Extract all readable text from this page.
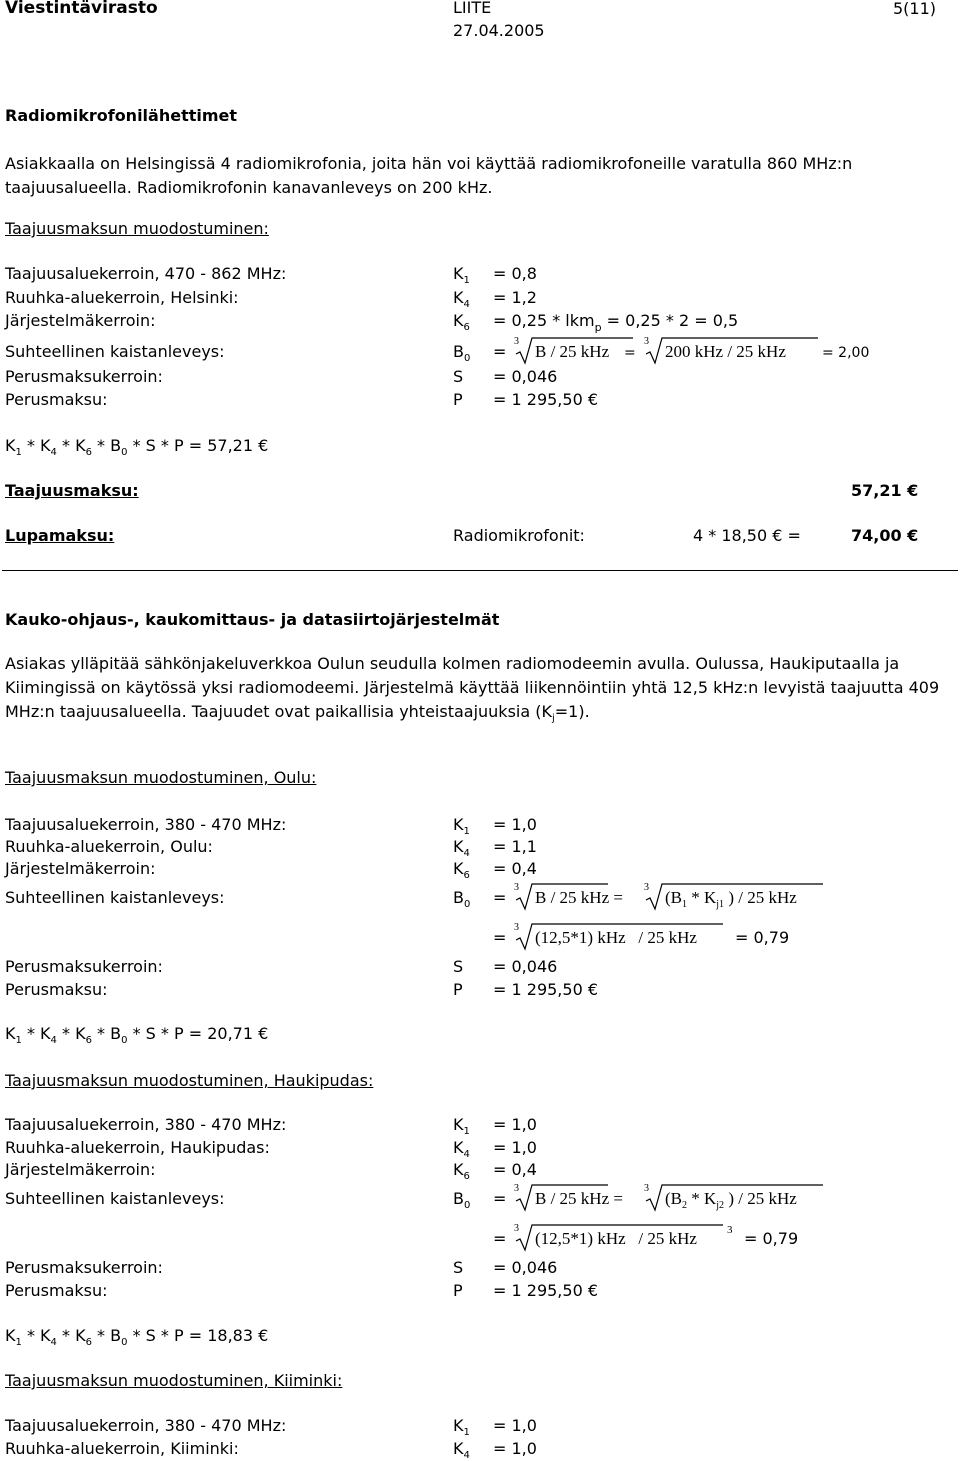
Viestintävirasto	LIITE
27.04.2005
5(11)
Radiomikrofonilähettimet
Asiakkaalla on Helsingissä 4 radiomikrofonia, joita hän voi käyttää radiomikrofoneille varatulla 860 MHz:n taajuusalueella. Radiomikrofonin kanavanleveys on 200 kHz.
Taajuusmaksun muodostuminen:
Taajuusaluekerroin, 470 - 862 MHz:	$K_1 = 0,8$
Ruuhka-aluekerroin, Helsinki:	$K_4 = 1,2$
Järjestelmäkerroin:	$K_6 = 0,25 * lkm_p = 0,25 * 2 = 0,5$
Suhteellinen kaistanleveys:	$B_0$ =
3
B / 25 kHz =
3
200 kHz / 25 kHz	= 2,00
Perusmaksukerroin:	S = 0,046
Perusmaksu:	P = 1 295,50 €
$K_1 * K_4 * K_6 * B_0 * S * P = 57,21$ €
Taajuusmaksu:	57,21 €
Lupamaksu:	Radiomikrofonit:	4 * 18,50 € =	74,00 €
Kauko-ohjaus-, kaukomittaus- ja datasiirtojärjestelmät
Asiakas ylläpitää sähkönjakeluverkkoa Oulun seudulla kolmen radiomodeemin avulla. Oulussa, Haukiputaalla ja Kiimingissä on käytössä yksi radiomodeemi. Järjestelmä käyttää liikennöintiin yhtä 12,5 kHz:n levyistä taajuutta 409 MHz:n taajuusalueella. Taajuudet ovat paikallisia yhteistaajuuksia $(K_j=1)$.
Taajuusmaksun muodostuminen, Oulu:
Taajuusaluekerroin, 380 - 470 MHz:	$K_1 = 1,0$
Ruuhka-aluekerroin, Oulu:	$K_4 = 1,1$
Järjestelmäkerroin:	$K_6 = 0,4$
Suhteellinen kaistanleveys:	$B_0$ =
3
B / 25 kHz =
3
($B_1 * K_{j1}$ ) / 25 kHz
=
3
(12,5*1) kHz   / 25 kHz = 0,79
Perusmaksukerroin:	S = 0,046
Perusmaksu:	P = 1 295,50 €
$K_1 * K_4 * K_6 * B_0 * S * P = 20,71$ €
Taajuusmaksun muodostuminen, Haukipudas:
Taajuusaluekerroin, 380 - 470 MHz:	$K_1 = 1,0$
Ruuhka-aluekerroin, Haukipudas:	$K_4 = 1,0$
Järjestelmäkerroin:	$K_6 = 0,4$
Suhteellinen kaistanleveys:	$B_0$ =
3
B / 25 kHz =
3
($B_2 * K_{j2}$ ) / 25 kHz
=
3
(12,5*1) kHz   / 25 kHz	3 = 0,79
Perusmaksukerroin:	S = 0,046
Perusmaksu:	P = 1 295,50 €
$K_1 * K_4 * K_6 * B_0 * S * P = 18,83$ €
Taajuusmaksun muodostuminen, Kiiminki:
Taajuusaluekerroin, 380 - 470 MHz:	$K_1 = 1,0$
Ruuhka-aluekerroin, Kiiminki:	$K_4 = 1,0$
